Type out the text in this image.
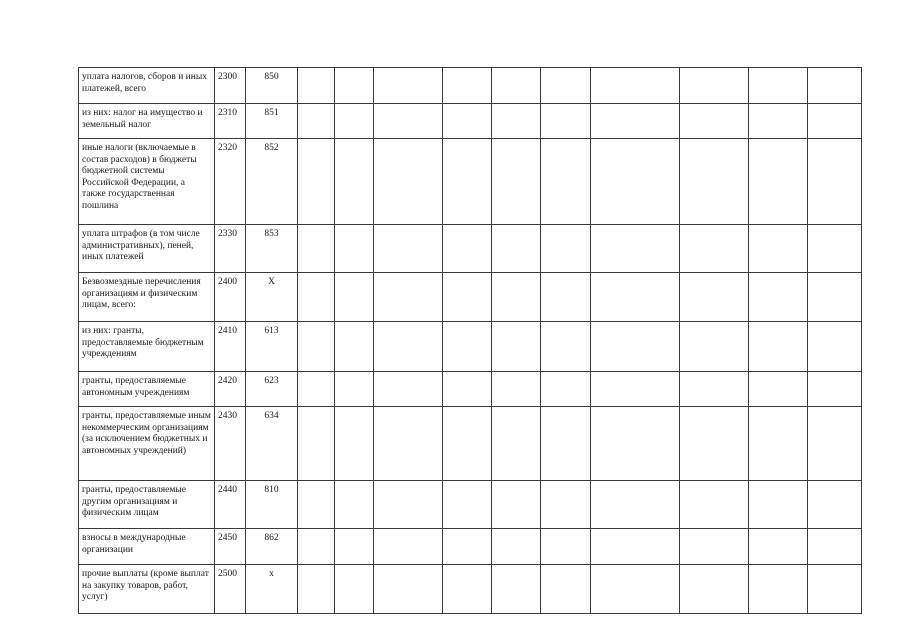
уплата налогов, сборов и иных платежей, всего	2300	850										
из них: налог на имущество и земельный налог	2310	851										
иные налоги (включаемые в состав расходов) в бюджеты бюджетной системы Российской Федерации, а также государственная пошлина	2320	852										
уплата штрафов (в том числе административных), пеней, иных платежей	2330	853										
Безвозмездные перечисления организациям и физическим лицам, всего:	2400	Х										
из них: гранты, предоставляемые бюджетным учреждениям	2410	613										
гранты, предоставляемые автономным учреждениям	2420	623										
гранты, предоставляемые иным некоммерческим организациям (за исключением бюджетных и автономных учреждений)	2430	634										
гранты, предоставляемые другим организациям и физическим лицам	2440	810										
взносы в международные организации	2450	862										
прочие выплаты (кроме выплат на закупку товаров, работ, услуг)	2500	х										
